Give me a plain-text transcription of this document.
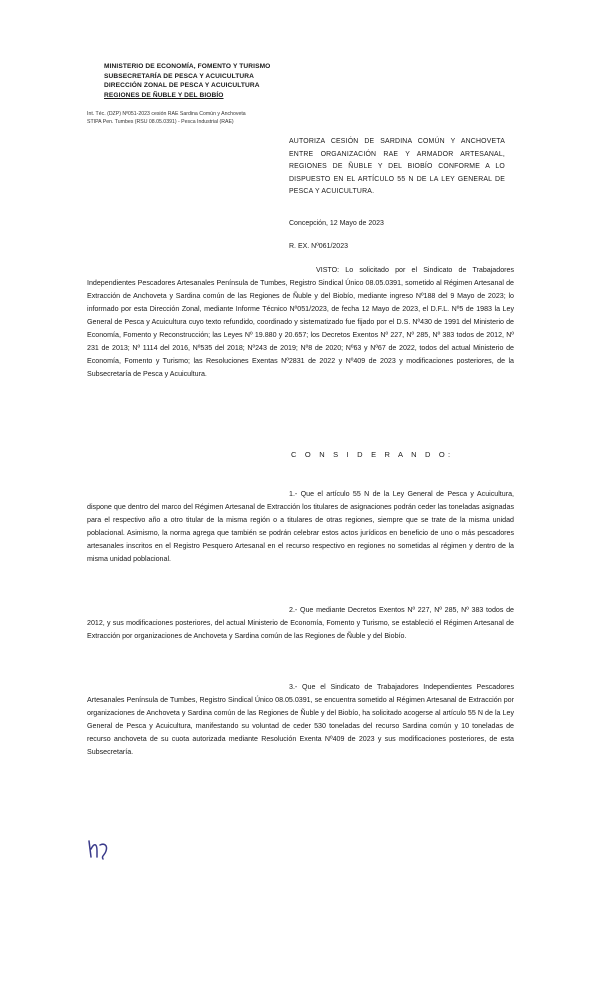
MINISTERIO DE ECONOMÍA, FOMENTO Y TURISMO
SUBSECRETARÍA DE PESCA Y ACUICULTURA
DIRECCIÓN ZONAL DE PESCA Y ACUICULTURA
REGIONES DE ÑUBLE Y DEL BIOBÍO
Int. Téc. (DZP) Nº051-2023 cesión RAE Sardina Común y Anchoveta
STIPA Pen. Tumbes (RSU 08.05.0391) - Pesca Industrial (RAE)
AUTORIZA CESIÓN DE SARDINA COMÚN Y ANCHOVETA ENTRE ORGANIZACIÓN RAE Y ARMADOR ARTESANAL, REGIONES DE ÑUBLE Y DEL BIOBÍO CONFORME A LO DISPUESTO EN EL ARTÍCULO 55 N DE LA LEY GENERAL DE PESCA Y ACUICULTURA.
Concepción, 12 Mayo de 2023
R. EX. Nº061/2023
VISTO: Lo solicitado por el Sindicato de Trabajadores Independientes Pescadores Artesanales Península de Tumbes, Registro Sindical Único 08.05.0391, sometido al Régimen Artesanal de Extracción de Anchoveta y Sardina común de las Regiones de Ñuble y del Biobío, mediante ingreso Nº188 del 9 Mayo de 2023; lo informado por esta Dirección Zonal, mediante Informe Técnico Nº051/2023, de fecha 12 Mayo de 2023, el D.F.L. Nº5 de 1983 la Ley General de Pesca y Acuicultura cuyo texto refundido, coordinado y sistematizado fue fijado por el D.S. Nº430 de 1991 del Ministerio de Economía, Fomento y Reconstrucción; las Leyes Nº 19.880 y 20.657; los Decretos Exentos Nº 227, Nº 285, Nº 383 todos de 2012, Nº 231 de 2013; Nº 1114 del 2016, Nº535 del 2018; Nº243 de 2019; Nº8 de 2020; Nº63 y Nº67 de 2022, todos del actual Ministerio de Economía, Fomento y Turismo; las Resoluciones Exentas Nº2831 de 2022 y Nº409 de 2023 y modificaciones posteriores, de la Subsecretaría de Pesca y Acuicultura.
C O N S I D E R A N D O:
1.- Que el artículo 55 N de la Ley General de Pesca y Acuicultura, dispone que dentro del marco del Régimen Artesanal de Extracción los titulares de asignaciones podrán ceder las toneladas asignadas para el respectivo año a otro titular de la misma región o a titulares de otras regiones, siempre que se trate de la misma unidad poblacional. Asimismo, la norma agrega que también se podrán celebrar estos actos jurídicos en beneficio de uno o más pescadores artesanales inscritos en el Registro Pesquero Artesanal en el recurso respectivo en regiones no sometidas al régimen y dentro de la misma unidad poblacional.
2.- Que mediante Decretos Exentos Nº 227, Nº 285, Nº 383 todos de 2012, y sus modificaciones posteriores, del actual Ministerio de Economía, Fomento y Turismo, se estableció el Régimen Artesanal de Extracción por organizaciones de Anchoveta y Sardina común de las Regiones de Ñuble y del Biobío.
3.- Que el Sindicato de Trabajadores Independientes Pescadores Artesanales Península de Tumbes, Registro Sindical Único 08.05.0391, se encuentra sometido al Régimen Artesanal de Extracción por organizaciones de Anchoveta y Sardina común de las Regiones de Ñuble y del Biobío, ha solicitado acogerse al artículo 55 N de la Ley General de Pesca y Acuicultura, manifestando su voluntad de ceder 530 toneladas del recurso Sardina común y 10 toneladas de recurso anchoveta de su cuota autorizada mediante Resolución Exenta Nº409 de 2023 y sus modificaciones posteriores, de esta Subsecretaría.
